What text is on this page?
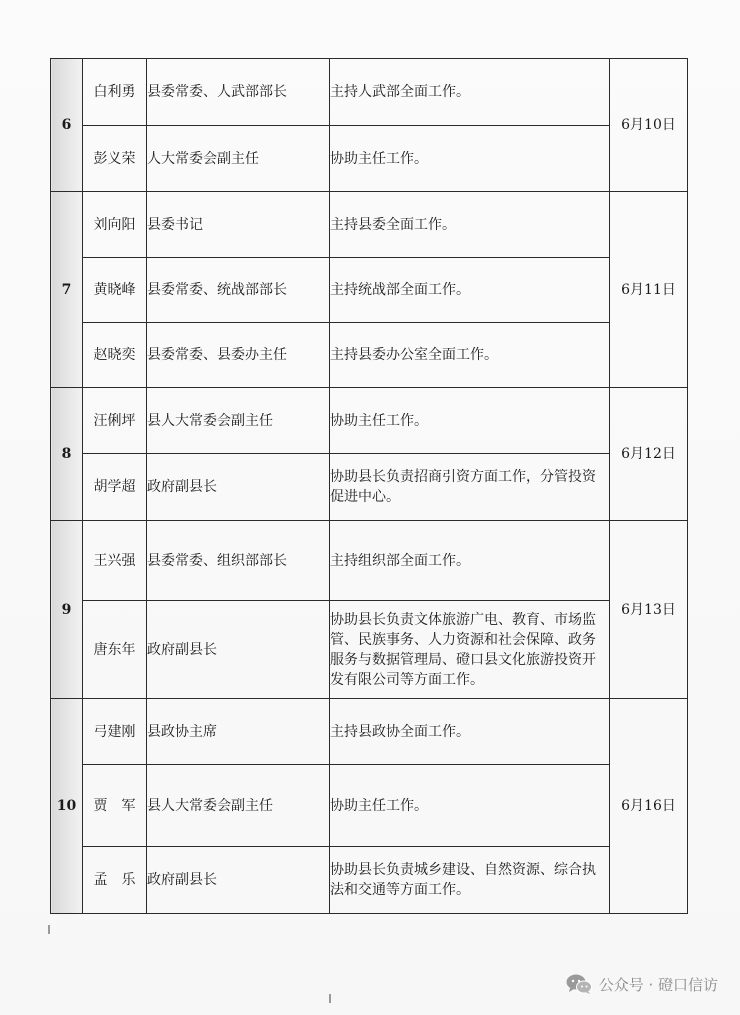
6	白利勇	县委常委、人武部部长	主持人武部全面工作。	6月10日
	彭义荣	人大常委会副主任	协助主任工作。	
7	刘向阳	县委书记	主持县委全面工作。	6月11日
	黄晓峰	县委常委、统战部部长	主持统战部全面工作。	
	赵晓奕	县委常委、县委办主任	主持县委办公室全面工作。	
8	汪俐坪	县人大常委会副主任	协助主任工作。	6月12日
	胡学超	政府副县长	协助县长负责招商引资方面工作，分管投资促进中心。	
9	王兴强	县委常委、组织部部长	主持组织部全面工作。	6月13日
	唐东年	政府副县长	协助县长负责文体旅游广电、教育、市场监管、民族事务、人力资源和社会保障、政务服务与数据管理局、磴口县文化旅游投资开发有限公司等方面工作。	
10	弓建刚	县政协主席	主持县政协全面工作。	6月16日
	贾　军	县人大常委会副主任	协助主任工作。	
	孟　乐	政府副县长	协助县长负责城乡建设、自然资源、综合执法和交通等方面工作。	
公众号 · 磴口信访
